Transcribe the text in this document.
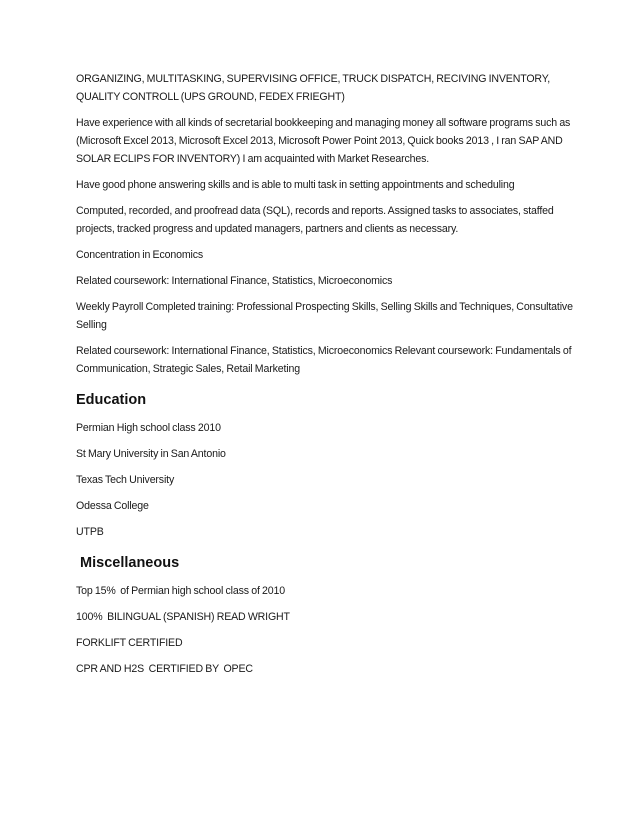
ORGANIZING, MULTITASKING, SUPERVISING OFFICE, TRUCK DISPATCH, RECIVING INVENTORY, QUALITY CONTROLL (UPS GROUND, FEDEX FRIEGHT)

Have experience with all kinds of secretarial bookkeeping and managing money all software programs such as (Microsoft Excel 2013, Microsoft Excel 2013, Microsoft Power Point 2013, Quick books 2013 , I ran SAP AND SOLAR ECLIPS FOR INVENTORY) I am acquainted with Market Researches.

Have good phone answering skills and is able to multi task in setting appointments and scheduling

Computed, recorded, and proofread data (SQL), records and reports. Assigned tasks to associates, staffed projects, tracked progress and updated managers, partners and clients as necessary.

Concentration in Economics

Related coursework: International Finance, Statistics, Microeconomics

Weekly Payroll Completed training: Professional Prospecting Skills, Selling Skills and Techniques, Consultative Selling

Related coursework: International Finance, Statistics, Microeconomics Relevant coursework: Fundamentals of Communication, Strategic Sales, Retail Marketing

Education

Permian High school class 2010

St Mary University in San Antonio

Texas Tech University

Odessa College

UTPB

Miscellaneous

Top 15%  of Permian high school class of 2010

100%  BILINGUAL (SPANISH) READ WRIGHT

FORKLIFT CERTIFIED

CPR AND H2S  CERTIFIED BY  OPEC
